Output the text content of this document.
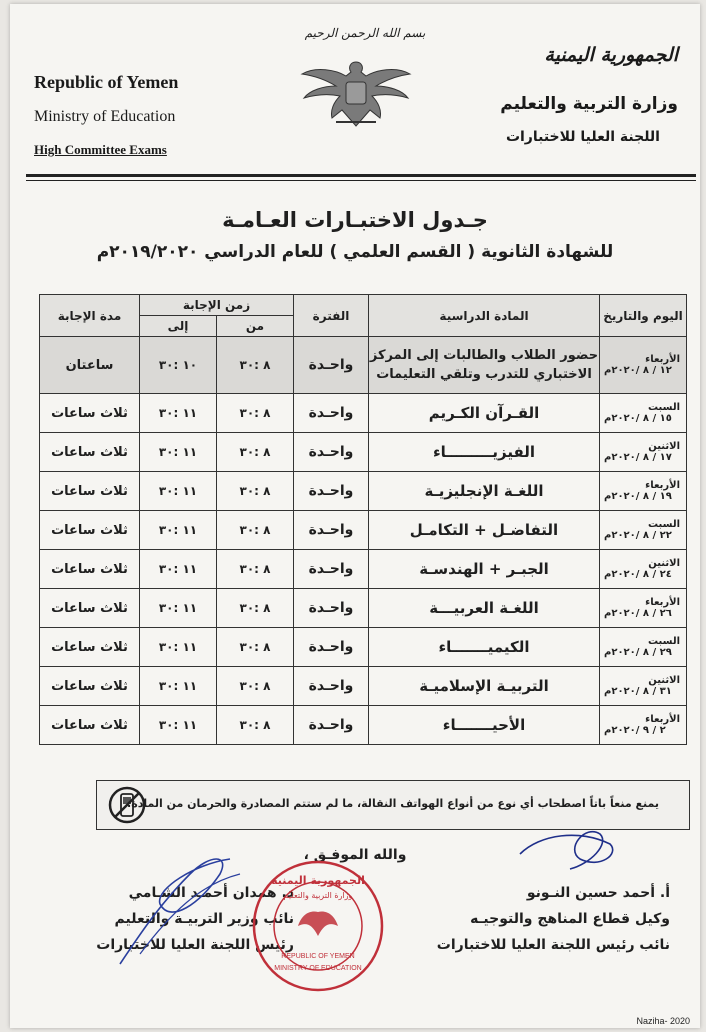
Republic of Yemen
Ministry of Education
High Committee Exams
بسم الله الرحمن الرحيم
الجمهورية اليمنية
وزارة التربية والتعليم
اللجنة العليا للاختبارات
جـدول الاختبـارات العـامـة
للشهادة الثانوية ( القسم العلمي ) للعام الدراسي ٢٠١٩/٢٠٢٠م
اليوم والتاريخ	المادة الدراسية	الفترة	زمن الإجابة		مدة الإجابة
			من	إلى	

الأربعاء
١٢ / ٨ /٢٠٢٠م	حضور الطلاب والطالبات إلى المركز الاختباري للتدرب وتلقي التعليمات	واحـدة	٨ :٣٠	١٠ :٣٠	ساعتان

السبت
١٥ / ٨ /٢٠٢٠م	القـرآن الكـريم	واحـدة	٨ :٣٠	١١ :٣٠	ثلاث ساعات

الاثنين
١٧ / ٨ /٢٠٢٠م	الفيزيـــــــــاء	واحـدة	٨ :٣٠	١١ :٣٠	ثلاث ساعات

الأربعاء
١٩ / ٨ /٢٠٢٠م	اللغـة الإنجليزيـة	واحـدة	٨ :٣٠	١١ :٣٠	ثلاث ساعات

السبت
٢٢ / ٨ /٢٠٢٠م	التفاضـل + التكامـل	واحـدة	٨ :٣٠	١١ :٣٠	ثلاث ساعات

الاثنين
٢٤ / ٨ /٢٠٢٠م	الجبـر + الهندسـة	واحـدة	٨ :٣٠	١١ :٣٠	ثلاث ساعات

الأربعاء
٢٦ / ٨ /٢٠٢٠م	اللغـة العربيـــة	واحـدة	٨ :٣٠	١١ :٣٠	ثلاث ساعات

السبت
٢٩ / ٨ /٢٠٢٠م	الكيميـــــــاء	واحـدة	٨ :٣٠	١١ :٣٠	ثلاث ساعات

الاثنين
٣١ / ٨ /٢٠٢٠م	التربيـة الإسلاميـة	واحـدة	٨ :٣٠	١١ :٣٠	ثلاث ساعات

الأربعاء
٢ / ٩ /٢٠٢٠م	الأحيـــــــاء	واحـدة	٨ :٣٠	١١ :٣٠	ثلاث ساعات
يمنع منعاً باتاً اصطحاب أي نوع من أنواع الهواتف النقالة، ما لم ستتم المصادرة والحرمان من المادة.
والله الموفـق ،
د. همدان أحمـد الشـامي
نائب وزير التربيـة والتعليم
رئيس اللجنة العليا للاختبارات
أ. أحمد حسين النـونو
وكيل قطاع المناهج والتوجيـه
نائب رئيس اللجنة العليا للاختبارات
الجمهورية اليمنية
وزارة التربية والتعليم
REPUBLIC OF YEMEN
MINISTRY OF EDUCATION
Naziha- 2020
